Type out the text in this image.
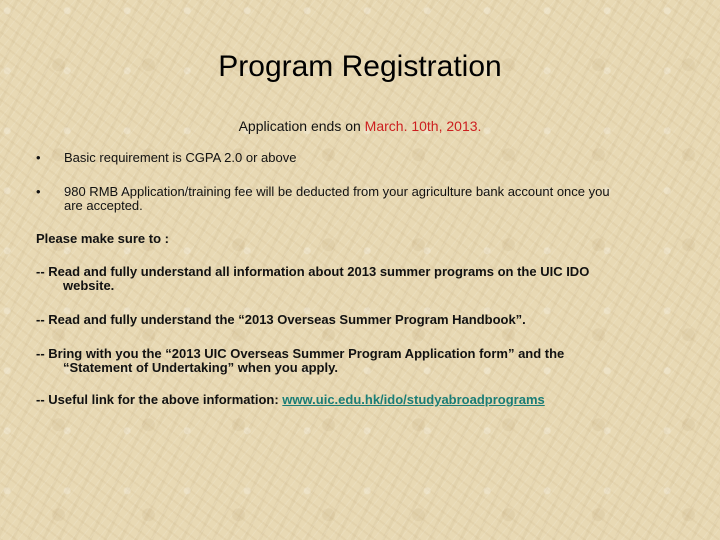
Program Registration
Application ends on March. 10th, 2013.
• Basic requirement is CGPA 2.0 or above
• 980 RMB Application/training fee will be deducted from your agriculture bank account once you
are accepted.
Please make sure to :
-- Read and fully understand all information about 2013 summer programs on the UIC IDO
website.
-- Read and fully understand the “2013 Overseas Summer Program Handbook”.
-- Bring with you the “2013 UIC Overseas Summer Program Application form” and the
“Statement of Undertaking” when you apply.
-- Useful link for the above information: www.uic.edu.hk/ido/studyabroadprograms
